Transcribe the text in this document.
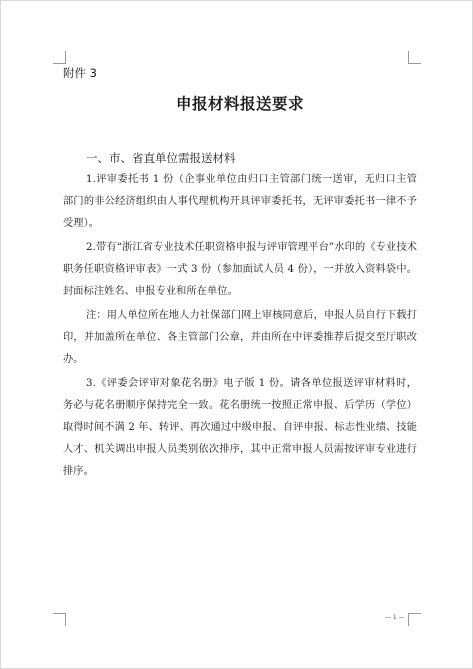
附件 3

申报材料报送要求

一、市、省直单位需报送材料

1.评审委托书 1 份（企事业单位由归口主管部门统一送审，无归口主管部门的非公经济组织由人事代理机构开具评审委托书，无评审委托书一律不予受理）。

2.带有“浙江省专业技术任职资格申报与评审管理平台”水印的《专业技术职务任职资格评审表》一式 3 份（参加面试人员 4 份），一并放入资料袋中。封面标注姓名、申报专业和所在单位。

注：用人单位所在地人力社保部门网上审核同意后，申报人员自行下载打印，并加盖所在单位、各主管部门公章，并由所在中评委推荐后提交至厅职改办。

3.《评委会评审对象花名册》电子版 1 份。请各单位报送评审材料时，务必与花名册顺序保持完全一致。花名册统一按照正常申报、后学历（学位）取得时间不满 2 年、转评、再次通过中级申报、自评申报、标志性业绩、技能人才、机关调出申报人员类别依次排序，其中正常申报人员需按评审专业进行排序。

— 1 —
